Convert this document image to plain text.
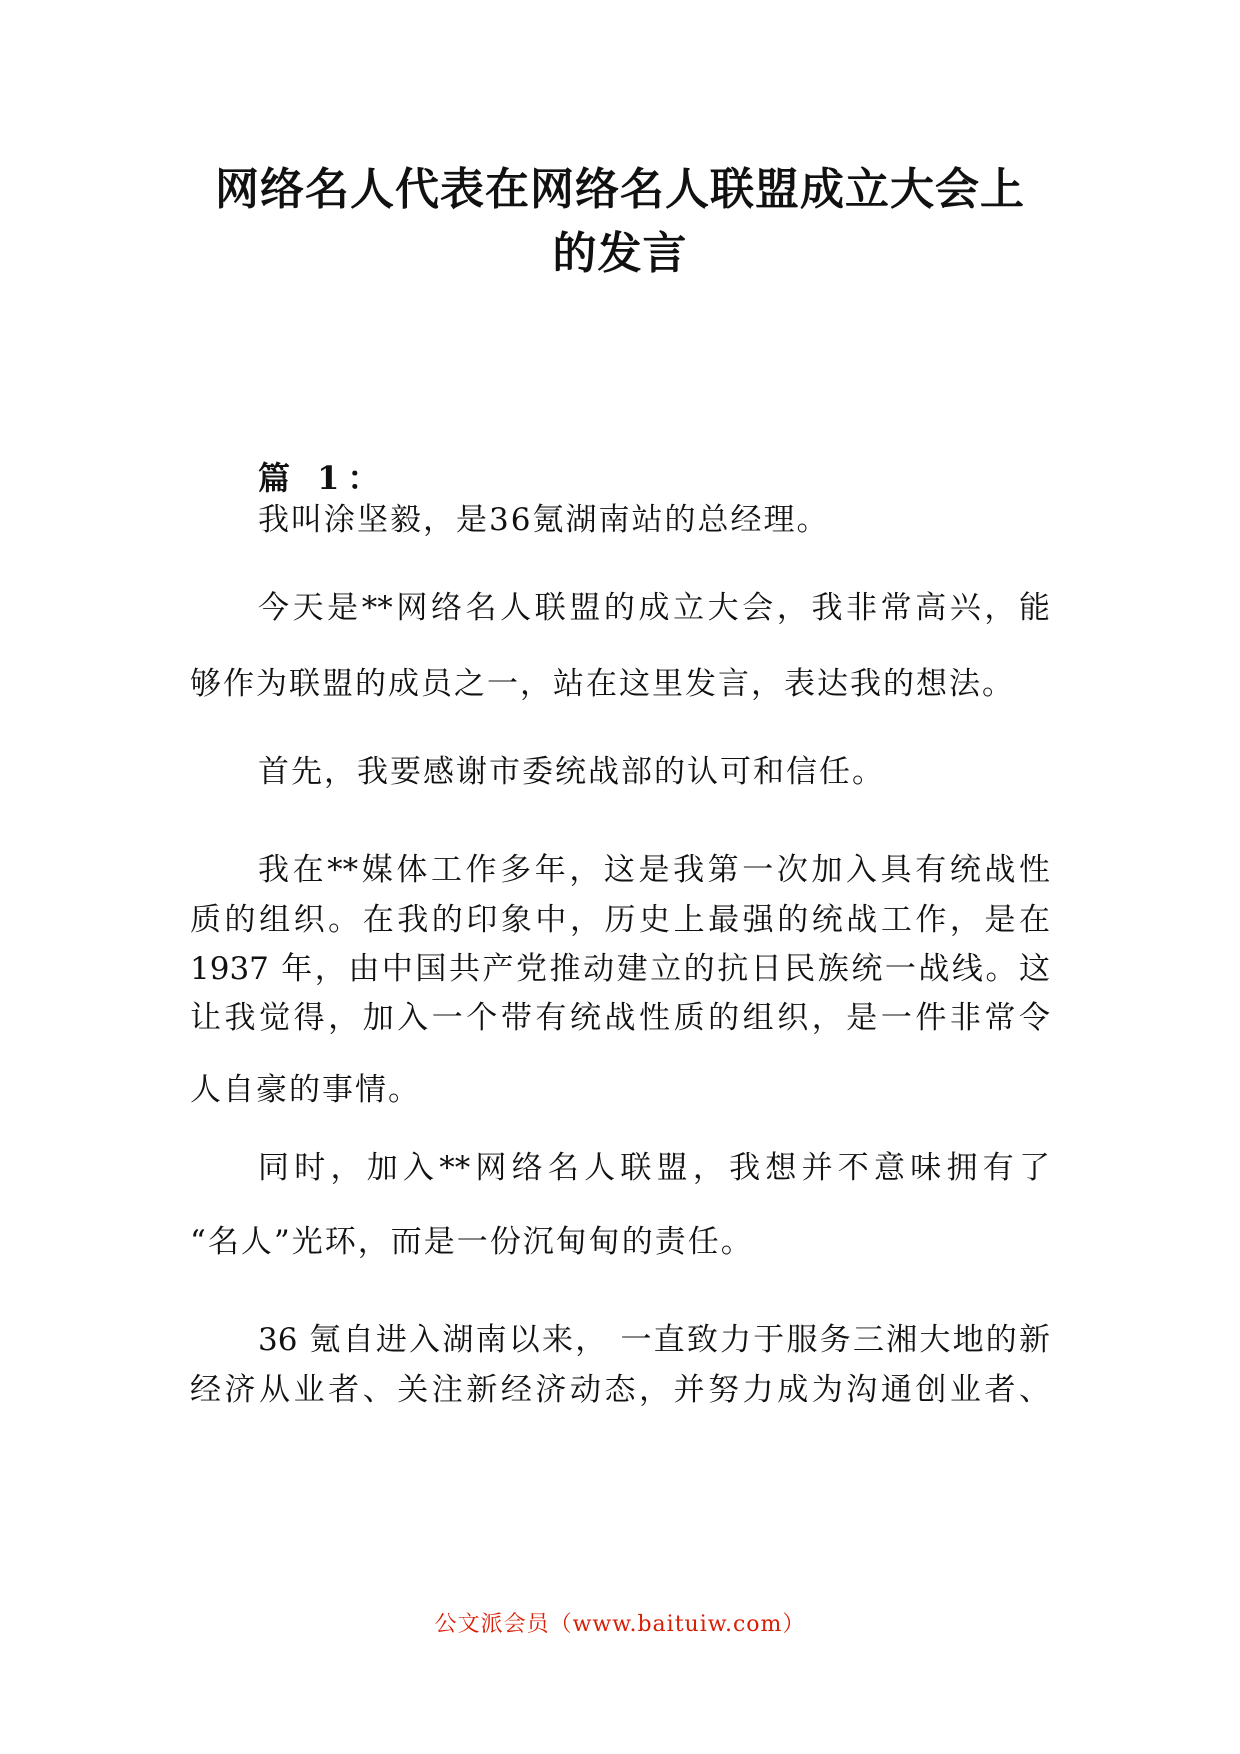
网络名人代表在网络名人联盟成立大会上
的发言
篇 1：
我叫涂坚毅，是36氪湖南站的总经理。
今天是**网络名人联盟的成立大会，我非常高兴，能
够作为联盟的成员之一，站在这里发言，表达我的想法。
首先，我要感谢市委统战部的认可和信任。
我在**媒体工作多年，这是我第一次加入具有统战性
质的组织。在我的印象中，历史上最强的统战工作，是在
1937 年，由中国共产党推动建立的抗日民族统一战线。这
让我觉得，加入一个带有统战性质的组织，是一件非常令
人自豪的事情。
同时，加入**网络名人联盟，我想并不意味拥有了
“名人”光环，而是一份沉甸甸的责任。
36 氪自进入湖南以来， 一直致力于服务三湘大地的新
经济从业者、关注新经济动态，并努力成为沟通创业者、
公文派会员（www.baituiw.com）
